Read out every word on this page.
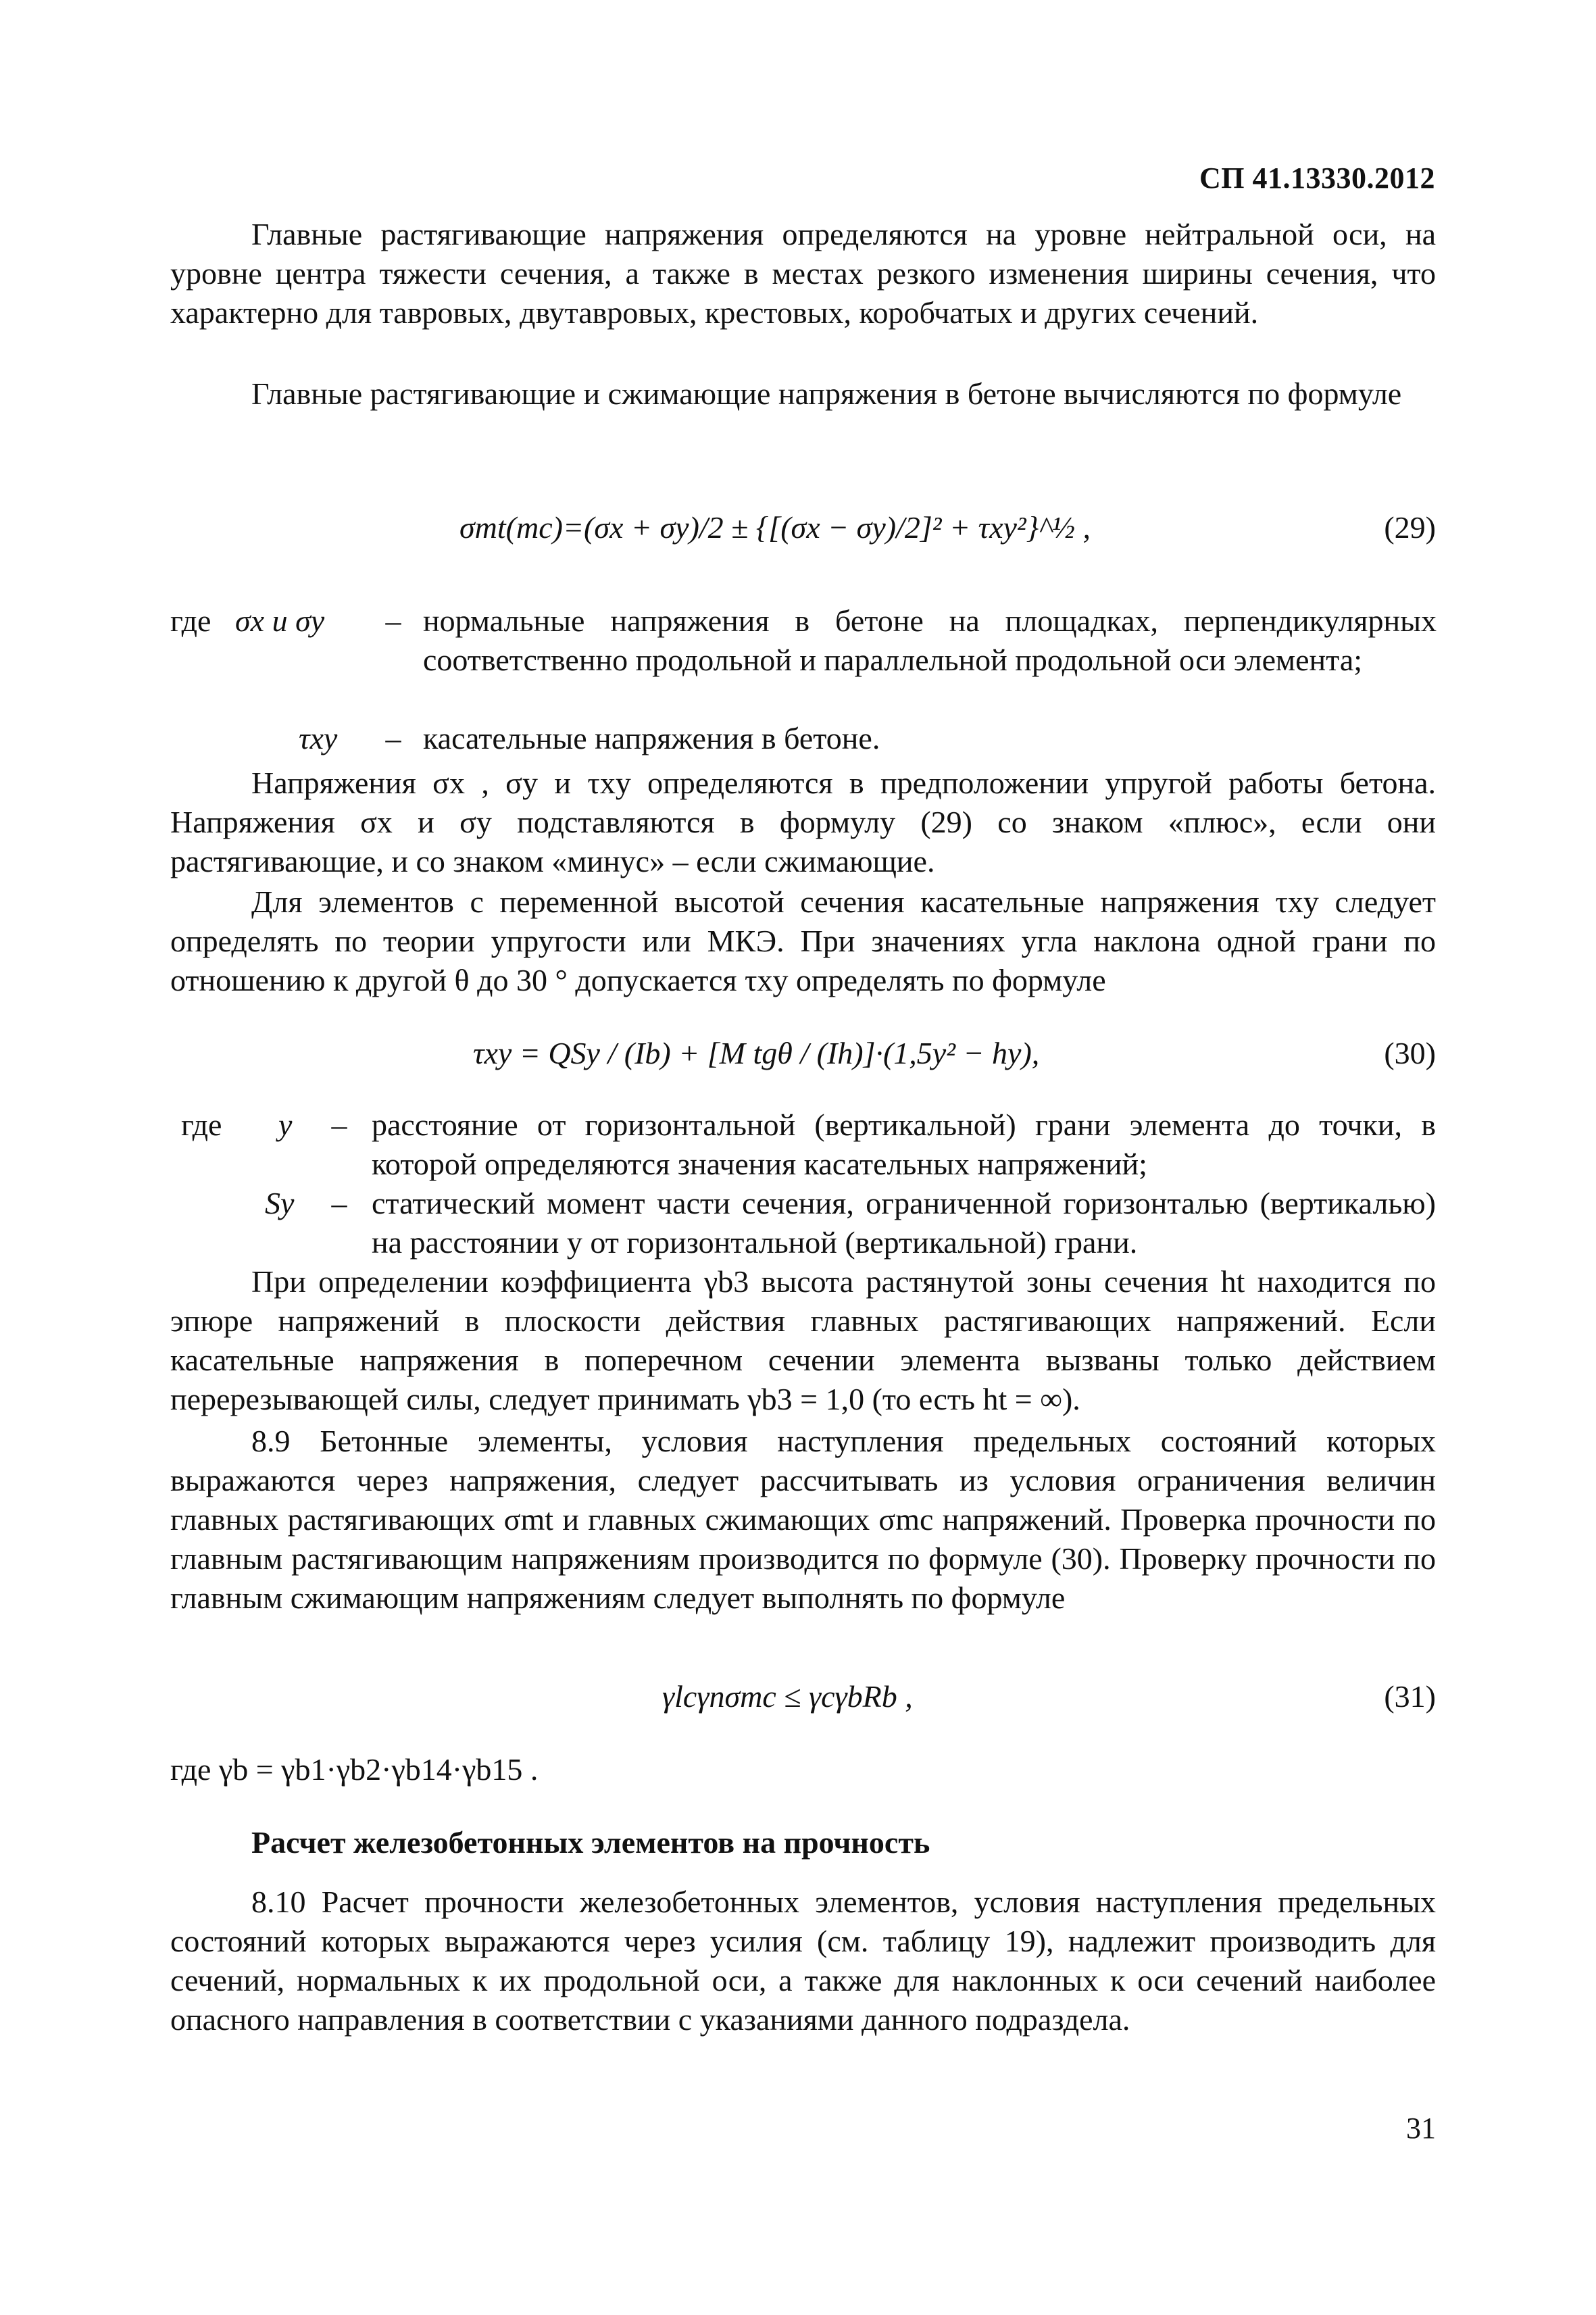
СП 41.13330.2012

Главные растягивающие напряжения определяются на уровне нейтральной оси, на уровне центра тяжести сечения, а также в местах резкого изменения ширины сечения, что характерно для тавровых, двутавровых, крестовых, коробчатых и других сечений.

Главные растягивающие и сжимающие напряжения в бетоне вычисляются по формуле

σmt(mc)=(σx + σy)/2 ± {[(σx − σy)/2]² + τxy²}^½ ,	(29)
где σx и σy	– нормальные напряжения в бетоне на площадках, перпендикулярных соответственно продольной и параллельной продольной оси элемента;
τxy	– касательные напряжения в бетоне.

Напряжения σx , σy и τxy определяются в предположении упругой работы бетона. Напряжения σx и σy подставляются в формулу (29) со знаком «плюс», если они растягивающие, и со знаком «минус» – если сжимающие.

Для элементов с переменной высотой сечения касательные напряжения τxy следует определять по теории упругости или МКЭ. При значениях угла наклона одной грани по отношению к другой θ до 30 ° допускается τxy определять по формуле

τxy = QSy / (Ib) + [M tgθ / (Ih)]·(1,5y² − hy),	(30)
где y	– расстояние от горизонтальной (вертикальной) грани элемента до точки, в которой определяются значения касательных напряжений;
Sy	– статический момент части сечения, ограниченной горизонталью (вертикалью) на расстоянии y от горизонтальной (вертикальной) грани.

При определении коэффициента γb3 высота растянутой зоны сечения ht находится по эпюре напряжений в плоскости действия главных растягивающих напряжений. Если касательные напряжения в поперечном сечении элемента вызваны только действием перерезывающей силы, следует принимать γb3 = 1,0 (то есть ht = ∞).

8.9 Бетонные элементы, условия наступления предельных состояний которых выражаются через напряжения, следует рассчитывать из условия ограничения величин главных растягивающих σmt и главных сжимающих σmc напряжений. Проверка прочности по главным растягивающим напряжениям производится по формуле (30). Проверку прочности по главным сжимающим напряжениям следует выполнять по формуле

γlcγnσmc ≤ γcγbRb ,	(31)
где γb = γb1·γb2·γb14·γb15 .
Расчет железобетонных элементов на прочность

8.10 Расчет прочности железобетонных элементов, условия наступления предельных состояний которых выражаются через усилия (см. таблицу 19), надлежит производить для сечений, нормальных к их продольной оси, а также для наклонных к оси сечений наиболее опасного направления в соответствии с указаниями данного подраздела.

31
